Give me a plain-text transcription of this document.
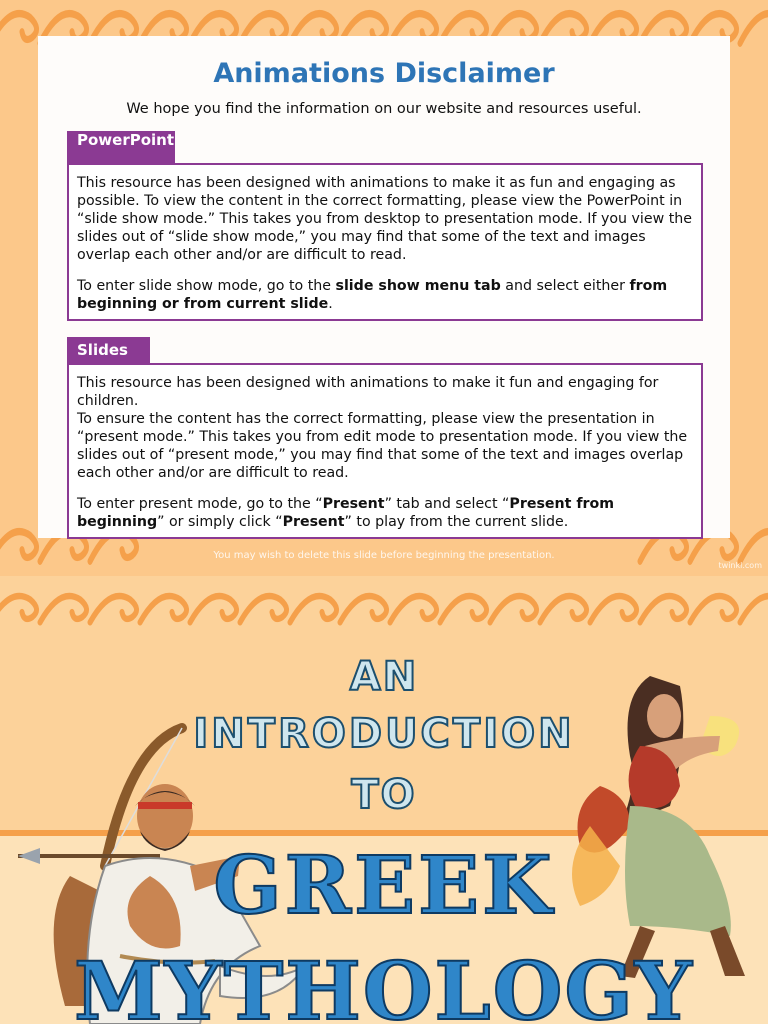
Animations Disclaimer
We hope you find the information on our website and resources useful.
PowerPoint

This resource has been designed with animations to make it as fun and engaging as possible. To view the content in the correct formatting, please view the PowerPoint in “slide show mode.” This takes you from desktop to presentation mode. If you view the slides out of “slide show mode,” you may find that some of the text and images overlap each other and/or are difficult to read.

To enter slide show mode, go to the slide show menu tab and select either from beginning or from current slide.

Slides

This resource has been designed with animations to make it fun and engaging for children.
To ensure the content has the correct formatting, please view the presentation in “present mode.” This takes you from edit mode to presentation mode. If you view the slides out of “present mode,” you may find that some of the text and images overlap each other and/or are difficult to read.

To enter present mode, go to the “Present” tab and select “Present from beginning” or simply click “Present” to play from the current slide.

You may wish to delete this slide before beginning the presentation.
twinkl.com
AN
INTRODUCTION
TO
GREEK
MYTHOLOGY
